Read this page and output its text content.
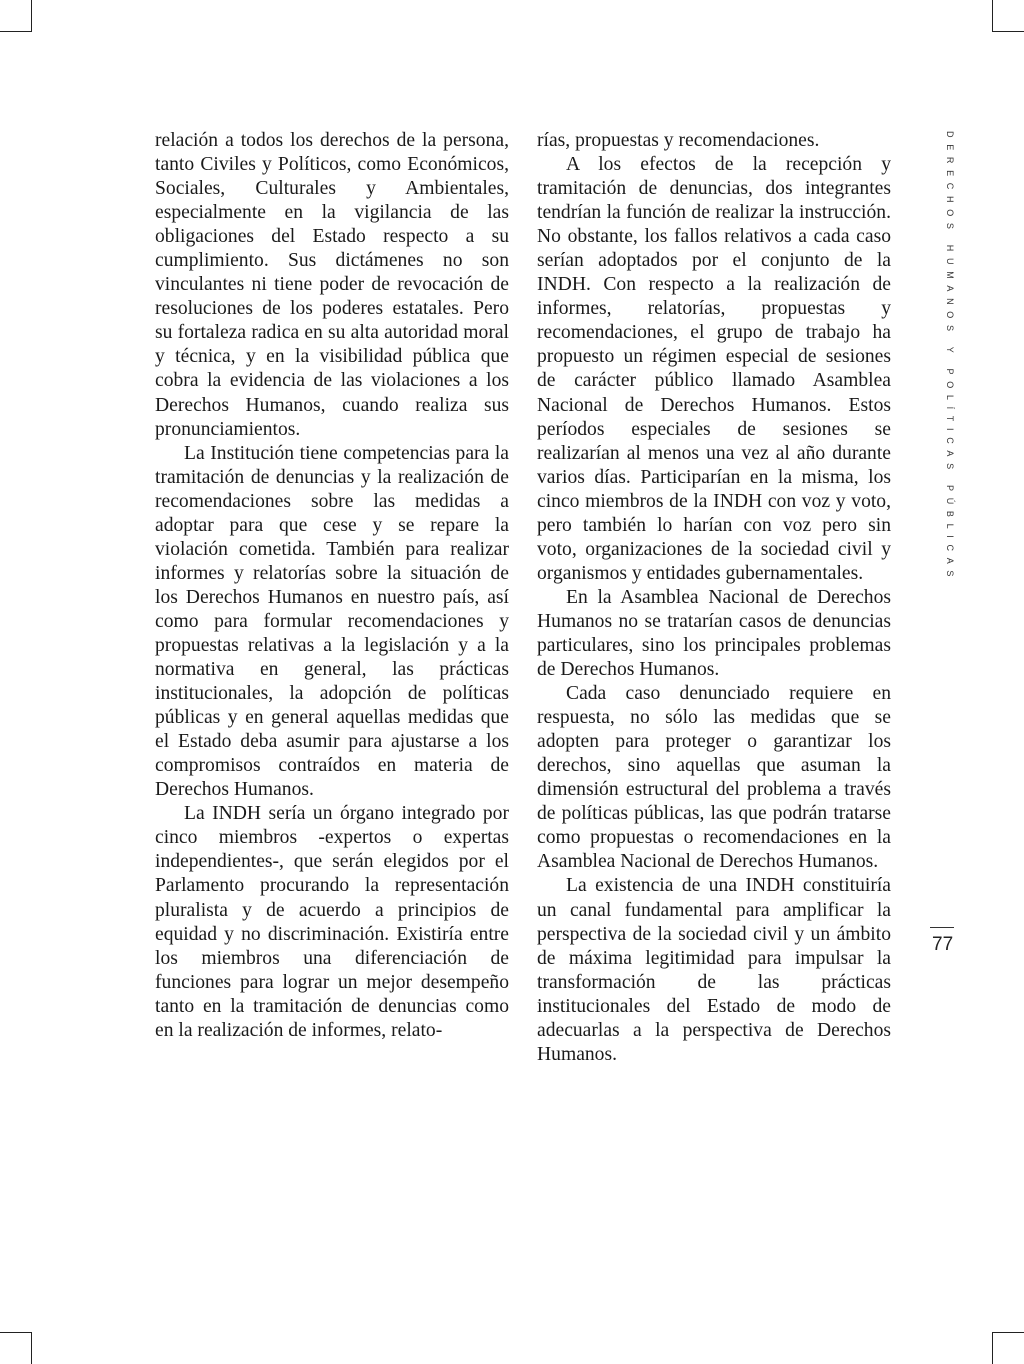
relación a todos los derechos de la persona, tanto Civiles y Políticos, como Económicos, Sociales, Culturales y Ambientales, especialmente en la vigilancia de las obligaciones del Estado respecto a su cumplimiento. Sus dictámenes no son vinculantes ni tiene poder de revocación de resoluciones de los poderes estatales. Pero su fortaleza radica en su alta autoridad moral y técnica, y en la visibilidad pública que cobra la evidencia de las violaciones a los Derechos Humanos, cuando realiza sus pronunciamientos.

La Institución tiene competencias para la tramitación de denuncias y la realización de recomendaciones sobre las medidas a adoptar para que cese y se repare la violación cometida. También para realizar informes y relatorías sobre la situación de los Derechos Humanos en nuestro país, así como para formular recomendaciones y propuestas relativas a la legislación y a la normativa en general, las prácticas institucionales, la adopción de políticas públicas y en general aquellas medidas que el Estado deba asumir para ajustarse a los compromisos contraídos en materia de Derechos Humanos.

La INDH sería un órgano integrado por cinco miembros -expertos o expertas independientes-, que serán elegidos por el Parlamento procurando la representación pluralista y de acuerdo a principios de equidad y no discriminación. Existiría entre los miembros una diferenciación de funciones para lograr un mejor desempeño tanto en la tramitación de denuncias como en la realización de informes, relato-

rías, propuestas y recomendaciones.

A los efectos de la recepción y tramitación de denuncias, dos integrantes tendrían la función de realizar la instrucción. No obstante, los fallos relativos a cada caso serían adoptados por el conjunto de la INDH. Con respecto a la realización de informes, relatorías, propuestas y recomendaciones, el grupo de trabajo ha propuesto un régimen especial de sesiones de carácter público llamado Asamblea Nacional de Derechos Humanos. Estos períodos especiales de sesiones se realizarían al menos una vez al año durante varios días. Participarían en la misma, los cinco miembros de la INDH con voz y voto, pero también lo harían con voz pero sin voto, organizaciones de la sociedad civil y organismos y entidades gubernamentales.

En la Asamblea Nacional de Derechos Humanos no se tratarían casos de denuncias particulares, sino los principales problemas de Derechos Humanos.

Cada caso denunciado requiere en respuesta, no sólo las medidas que se adopten para proteger o garantizar los derechos, sino aquellas que asuman la dimensión estructural del problema a través de políticas públicas, las que podrán tratarse como propuestas o recomendaciones en la Asamblea Nacional de Derechos Humanos.

La existencia de una INDH constituiría un canal fundamental para amplificar la perspectiva de la sociedad civil y un ámbito de máxima legitimidad para impulsar la transformación de las prácticas institucionales del Estado de modo de adecuarlas a la perspectiva de Derechos Humanos.

DERECHOS HUMANOS Y POLÍTICAS PÚBLICAS
77
